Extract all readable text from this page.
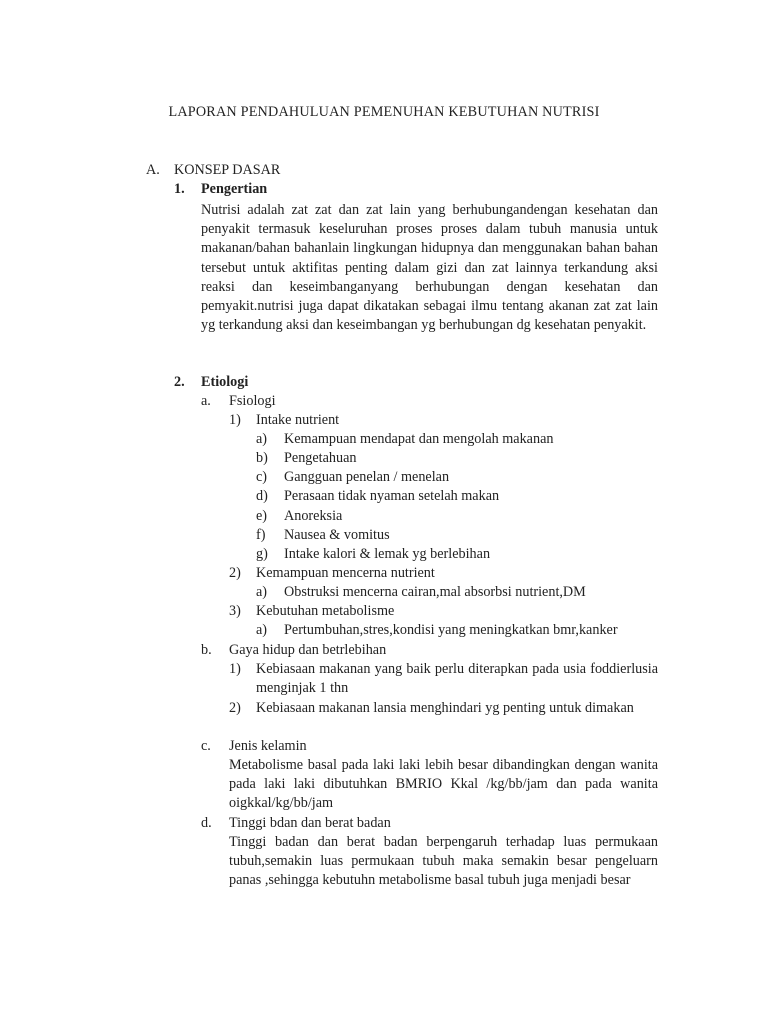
LAPORAN PENDAHULUAN PEMENUHAN KEBUTUHAN NUTRISI
A. KONSEP DASAR
1. Pengertian
Nutrisi adalah zat zat dan zat lain yang berhubungandengan kesehatan dan penyakit termasuk keseluruhan proses proses dalam tubuh manusia untuk makanan/bahan bahanlain lingkungan hidupnya dan menggunakan bahan bahan tersebut untuk aktifitas penting dalam gizi dan zat lainnya terkandung aksi reaksi dan keseimbanganyang berhubungan dengan kesehatan dan pemyakit.nutrisi juga dapat dikatakan sebagai ilmu tentang akanan zat zat lain yg terkandung aksi dan keseimbangan yg berhubungan dg kesehatan penyakit.
2. Etiologi
a. Fsiologi
1) Intake nutrient
a) Kemampuan mendapat dan mengolah makanan
b) Pengetahuan
c) Gangguan penelan / menelan
d) Perasaan tidak nyaman setelah makan
e) Anoreksia
f) Nausea & vomitus
g) Intake kalori & lemak yg berlebihan
2) Kemampuan mencerna nutrient
a) Obstruksi mencerna cairan,mal absorbsi nutrient,DM
3) Kebutuhan metabolisme
a) Pertumbuhan,stres,kondisi yang meningkatkan bmr,kanker
b. Gaya hidup dan betrlebihan
1) Kebiasaan makanan yang baik perlu diterapkan pada usia foddierlusia menginjak 1 thn
2) Kebiasaan makanan lansia menghindari yg penting untuk dimakan
c. Jenis kelamin
Metabolisme basal pada laki laki lebih besar dibandingkan dengan wanita pada laki laki dibutuhkan BMRIO Kkal /kg/bb/jam dan pada wanita oigkkal/kg/bb/jam
d. Tinggi bdan dan berat badan
Tinggi badan dan berat badan berpengaruh terhadap luas permukaan tubuh,semakin luas permukaan tubuh maka semakin besar pengeluarn panas ,sehingga kebutuhn metabolisme basal tubuh juga menjadi besar
